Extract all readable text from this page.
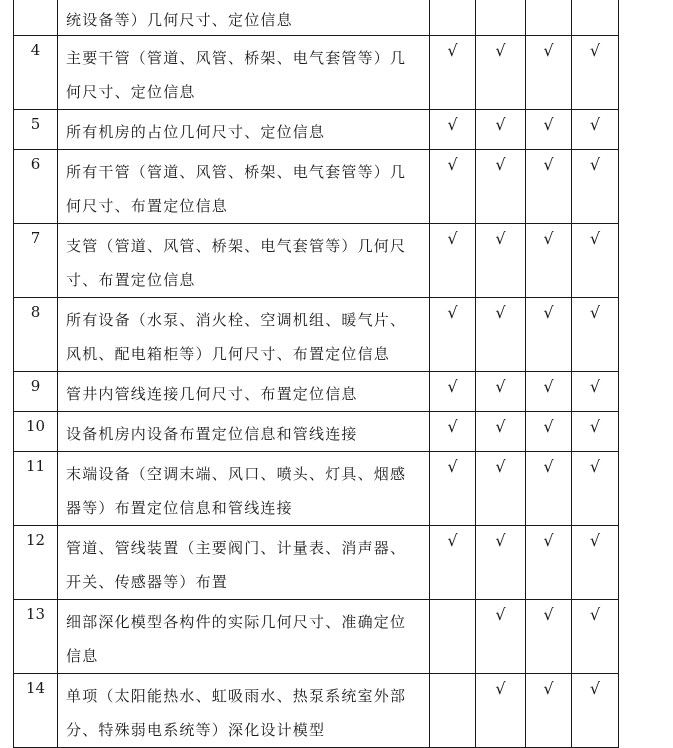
	统设备等）几何尺寸、定位信息				
4	主要干管（管道、风管、桥架、电气套管等）几何尺寸、定位信息	√	√	√	√
5	所有机房的占位几何尺寸、定位信息	√	√	√	√
6	所有干管（管道、风管、桥架、电气套管等）几何尺寸、布置定位信息	√	√	√	√
7	支管（管道、风管、桥架、电气套管等）几何尺寸、布置定位信息	√	√	√	√
8	所有设备（水泵、消火栓、空调机组、暖气片、风机、配电箱柜等）几何尺寸、布置定位信息	√	√	√	√
9	管井内管线连接几何尺寸、布置定位信息	√	√	√	√
10	设备机房内设备布置定位信息和管线连接	√	√	√	√
11	末端设备（空调末端、风口、喷头、灯具、烟感器等）布置定位信息和管线连接	√	√	√	√
12	管道、管线装置（主要阀门、计量表、消声器、开关、传感器等）布置	√	√	√	√
13	细部深化模型各构件的实际几何尺寸、准确定位信息		√	√	√
14	单项（太阳能热水、虹吸雨水、热泵系统室外部分、特殊弱电系统等）深化设计模型		√	√	√
